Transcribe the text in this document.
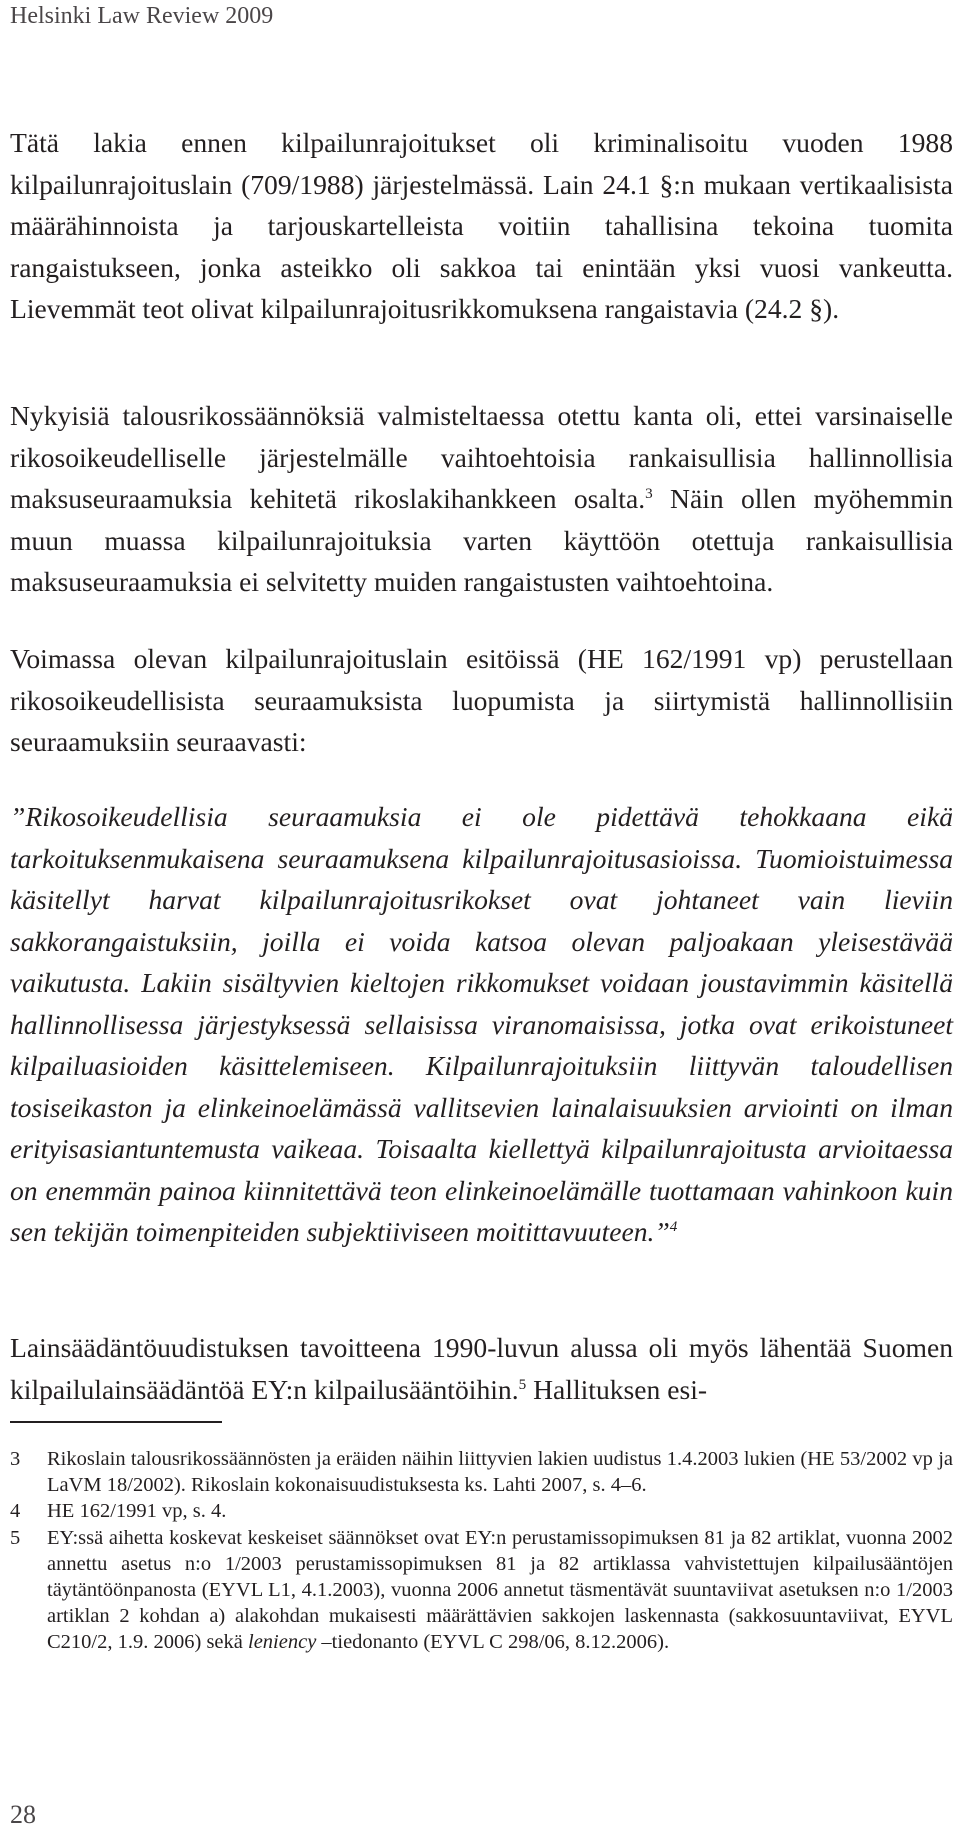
Helsinki Law Review 2009

Tätä lakia ennen kilpailunrajoitukset oli kriminalisoitu vuoden 1988 kilpailunrajoituslain (709/1988) järjestelmässä. Lain 24.1 §:n mukaan vertikaalisista määrähinnoista ja tarjouskartelleista voitiin tahallisina tekoina tuomita rangaistukseen, jonka asteikko oli sakkoa tai enintään yksi vuosi vankeutta. Lievemmät teot olivat kilpailunrajoitusrikkomuksena rangaistavia (24.2 §).

Nykyisiä talousrikossäännöksiä valmisteltaessa otettu kanta oli, ettei varsinaiselle rikosoikeudelliselle järjestelmälle vaihtoehtoisia rankaisullisia hallinnollisia maksuseuraamuksia kehitetä rikoslakihankkeen osalta.$^3$ Näin ollen myöhemmin muun muassa kilpailunrajoituksia varten käyttöön otettuja rankaisullisia maksuseuraamuksia ei selvitetty muiden rangaistusten vaihtoehtoina.

Voimassa olevan kilpailunrajoituslain esitöissä (HE 162/1991 vp) perustellaan rikosoikeudellisista seuraamuksista luopumista ja siirtymistä hallinnollisiin seuraamuksiin seuraavasti:

”Rikosoikeudellisia seuraamuksia ei ole pidettävä tehokkaana eikä tarkoituksenmukaisena seuraamuksena kilpailunrajoitusasioissa. Tuomioistuimessa käsitellyt harvat kilpailunrajoitusrikokset ovat johtaneet vain lieviin sakkorangaistuksiin, joilla ei voida katsoa olevan paljoakaan yleisestävää vaikutusta. Lakiin sisältyvien kieltojen rikkomukset voidaan joustavimmin käsitellä hallinnollisessa järjestyksessä sellaisissa viranomaisissa, jotka ovat erikoistuneet kilpailuasioiden käsittelemiseen. Kilpailunrajoituksiin liittyvän taloudellisen tosiseikaston ja elinkeinoelämässä vallitsevien lainalaisuuksien arviointi on ilman erityisasiantuntemusta vaikeaa. Toisaalta kiellettyä kilpailunrajoitusta arvioitaessa on enemmän painoa kiinnitettävä teon elinkeinoelämälle tuottamaan vahinkoon kuin sen tekijän toimenpiteiden subjektiiviseen moitittavuuteen.”$^4$

Lainsäädäntöuudistuksen tavoitteena 1990-luvun alussa oli myös lähentää Suomen kilpailulainsäädäntöä EY:n kilpailusääntöihin.$^5$ Hallituksen esi-

3	Rikoslain talousrikossäännösten ja eräiden näihin liittyvien lakien uudistus 1.4.2003 lukien (HE 53/2002 vp ja LaVM 18/2002). Rikoslain kokonaisuudistuksesta ks. Lahti 2007, s. 4–6.
4	HE 162/1991 vp, s. 4.
5	EY:ssä aihetta koskevat keskeiset säännökset ovat EY:n perustamissopimuksen 81 ja 82 artiklat, vuonna 2002 annettu asetus n:o 1/2003 perustamissopimuksen 81 ja 82 artiklassa vahvistettujen kilpailusääntöjen täytäntöönpanosta (EYVL L1, 4.1.2003), vuonna 2006 annetut täsmentävät suuntaviivat asetuksen n:o 1/2003 artiklan 2 kohdan a) alakohdan mukaisesti määrättävien sakkojen laskennasta (sakkosuuntaviivat, EYVL C210/2, 1.9. 2006) sekä leniency –tiedonanto (EYVL C 298/06, 8.12.2006).
28
